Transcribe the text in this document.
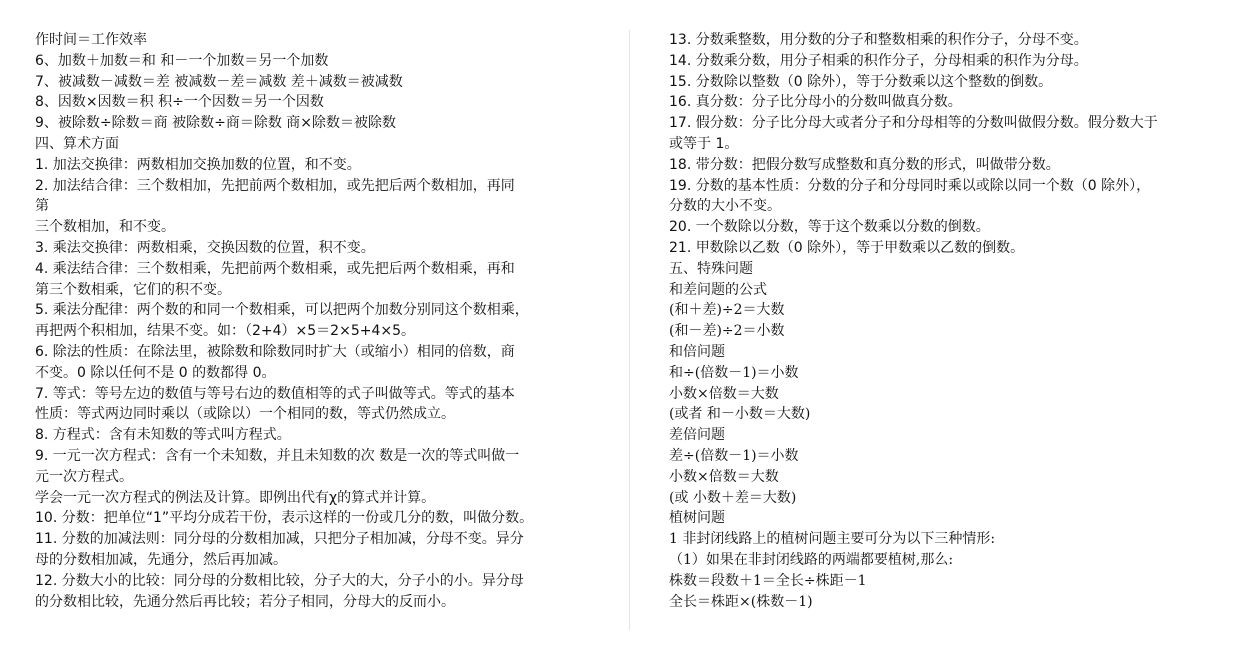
作时间＝工作效率
6、加数＋加数＝和 和－一个加数＝另一个加数
7、被减数－减数＝差 被减数－差＝减数 差＋减数＝被减数
8、因数×因数＝积 积÷一个因数＝另一个因数
9、被除数÷除数＝商 被除数÷商＝除数 商×除数＝被除数
四、算术方面
1. 加法交换律：两数相加交换加数的位置，和不变。
2. 加法结合律：三个数相加，先把前两个数相加，或先把后两个数相加，再同
第
三个数相加，和不变。
3. 乘法交换律：两数相乘，交换因数的位置，积不变。
4. 乘法结合律：三个数相乘，先把前两个数相乘，或先把后两个数相乘，再和
第三个数相乘，它们的积不变。
5. 乘法分配律：两个数的和同一个数相乘，可以把两个加数分别同这个数相乘，
再把两个积相加，结果不变。如：（2+4）×5＝2×5+4×5。
6. 除法的性质：在除法里，被除数和除数同时扩大（或缩小）相同的倍数，商
不变。0 除以任何不是 0 的数都得 0。
7. 等式：等号左边的数值与等号右边的数值相等的式子叫做等式。等式的基本
性质：等式两边同时乘以（或除以）一个相同的数，等式仍然成立。
8. 方程式：含有未知数的等式叫方程式。
9. 一元一次方程式：含有一个未知数，并且未知数的次 数是一次的等式叫做一
元一次方程式。
学会一元一次方程式的例法及计算。即例出代有χ的算式并计算。
10. 分数：把单位“1”平均分成若干份，表示这样的一份或几分的数，叫做分数。
11. 分数的加减法则：同分母的分数相加减，只把分子相加减，分母不变。异分
母的分数相加减，先通分，然后再加减。
12. 分数大小的比较：同分母的分数相比较，分子大的大，分子小的小。异分母
的分数相比较，先通分然后再比较；若分子相同，分母大的反而小。
13. 分数乘整数，用分数的分子和整数相乘的积作分子，分母不变。
14. 分数乘分数，用分子相乘的积作分子，分母相乘的积作为分母。
15. 分数除以整数（0 除外），等于分数乘以这个整数的倒数。
16. 真分数：分子比分母小的分数叫做真分数。
17. 假分数：分子比分母大或者分子和分母相等的分数叫做假分数。假分数大于
或等于 1。
18. 带分数：把假分数写成整数和真分数的形式，叫做带分数。
19. 分数的基本性质：分数的分子和分母同时乘以或除以同一个数（0 除外），
分数的大小不变。
20. 一个数除以分数，等于这个数乘以分数的倒数。
21. 甲数除以乙数（0 除外），等于甲数乘以乙数的倒数。
五、特殊问题
和差问题的公式
(和＋差)÷2＝大数
(和－差)÷2＝小数
和倍问题
和÷(倍数－1)＝小数
小数×倍数＝大数
(或者 和－小数＝大数)
差倍问题
差÷(倍数－1)＝小数
小数×倍数＝大数
(或 小数＋差＝大数)
植树问题
1 非封闭线路上的植树问题主要可分为以下三种情形:
（1）如果在非封闭线路的两端都要植树,那么:
株数＝段数＋1＝全长÷株距－1
全长＝株距×(株数－1)
